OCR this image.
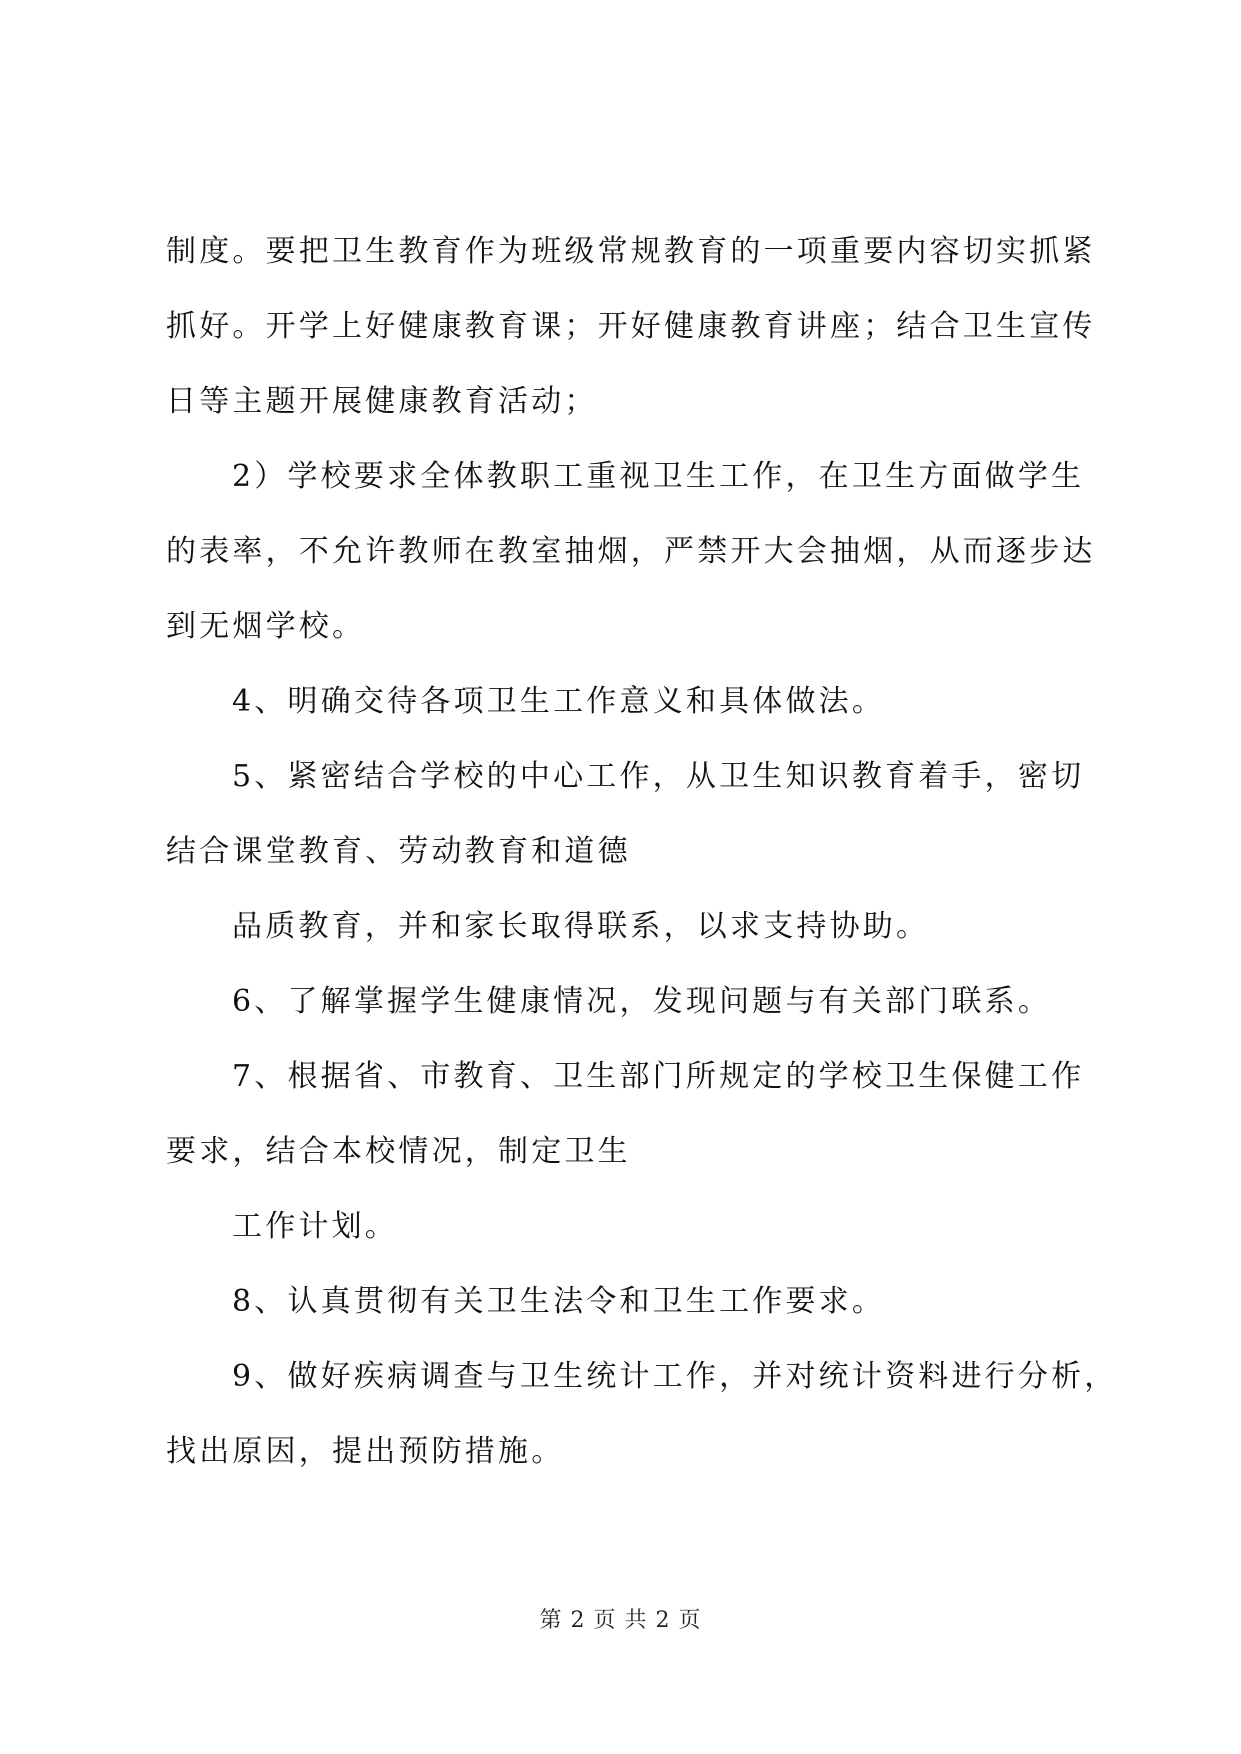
制度。要把卫生教育作为班级常规教育的一项重要内容切实抓紧
抓好。开学上好健康教育课；开好健康教育讲座；结合卫生宣传
日等主题开展健康教育活动；
2）学校要求全体教职工重视卫生工作，在卫生方面做学生
的表率，不允许教师在教室抽烟，严禁开大会抽烟，从而逐步达
到无烟学校。
4、明确交待各项卫生工作意义和具体做法。
5、紧密结合学校的中心工作，从卫生知识教育着手，密切
结合课堂教育、劳动教育和道德
品质教育，并和家长取得联系，以求支持协助。
6、了解掌握学生健康情况，发现问题与有关部门联系。
7、根据省、市教育、卫生部门所规定的学校卫生保健工作
要求，结合本校情况，制定卫生
工作计划。
8、认真贯彻有关卫生法令和卫生工作要求。
9、做好疾病调查与卫生统计工作，并对统计资料进行分析，
找出原因，提出预防措施。
第 2 页 共 2 页
